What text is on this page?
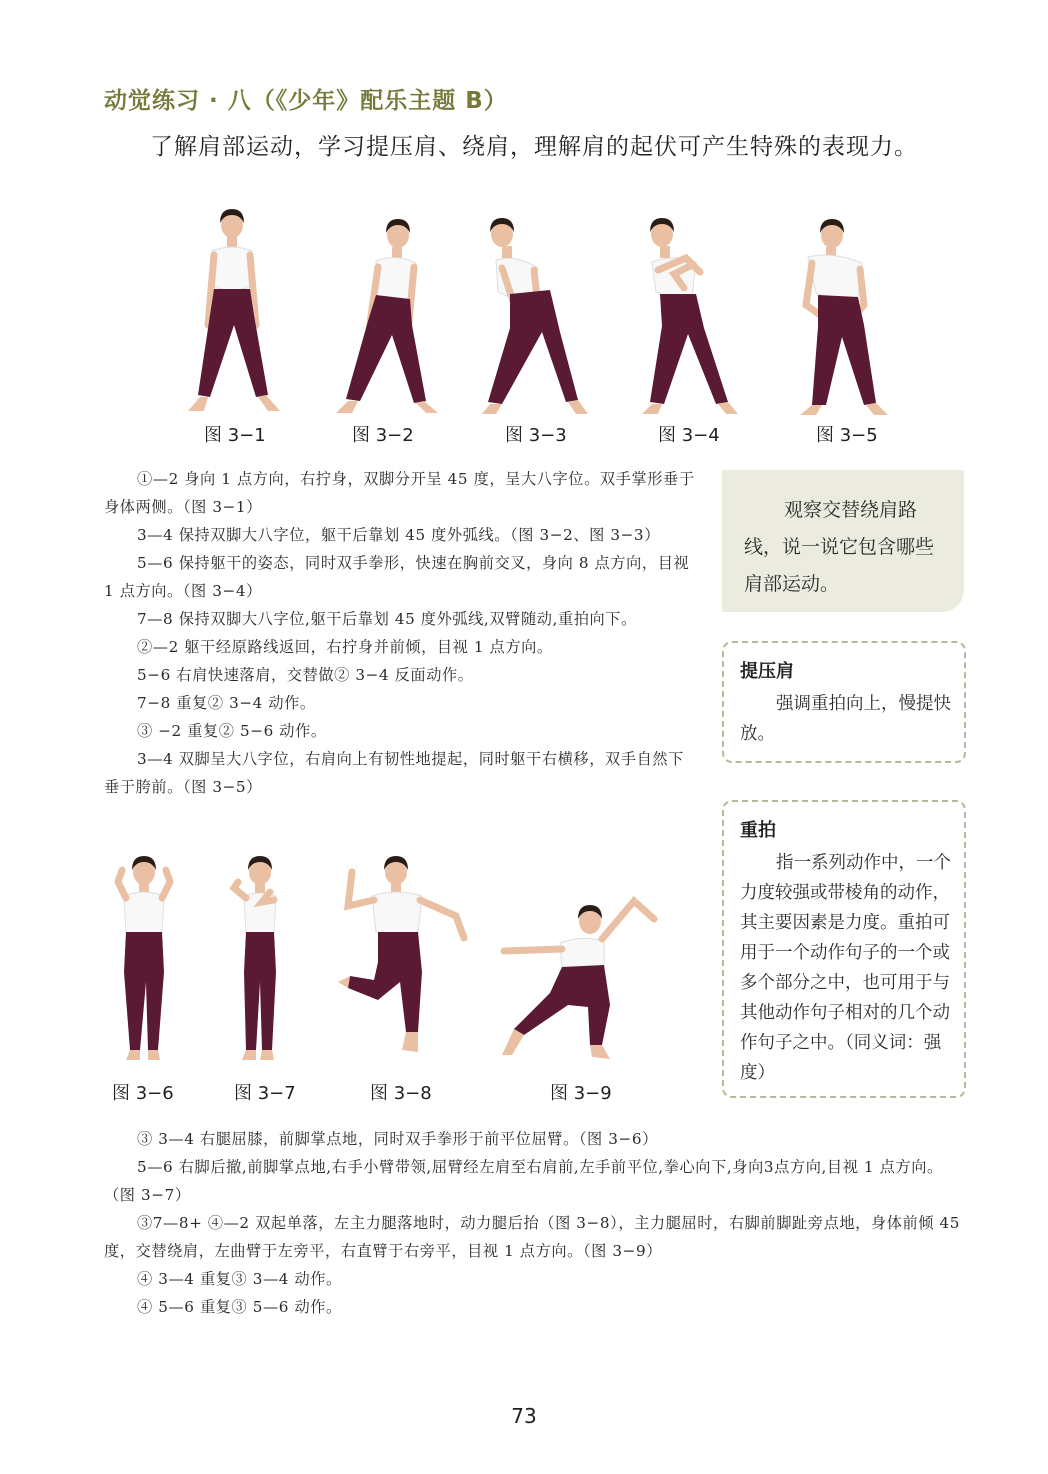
动觉练习 · 八（《少年》配乐主题 B）
了解肩部运动，学习提压肩、绕肩，理解肩的起伏可产生特殊的表现力。
图 3−1	图 3−2	图 3−3	图 3−4	图 3−5

①—2 身向 1 点方向，右拧身，双脚分开呈 45 度，呈大八字位。双手掌形垂于身体两侧。（图 3−1）

3—4 保持双脚大八字位，躯干后靠划 45 度外弧线。（图 3−2、图 3−3）

5—6 保持躯干的姿态，同时双手拳形，快速在胸前交叉，身向 8 点方向，目视 1 点方向。（图 3−4）

7—8 保持双脚大八字位,躯干后靠划 45 度外弧线,双臂随动,重拍向下。

②—2 躯干经原路线返回，右拧身并前倾，目视 1 点方向。

5−6 右肩快速落肩，交替做② 3−4 反面动作。

7−8 重复② 3−4 动作。

③ −2 重复② 5−6 动作。

3—4 双脚呈大八字位，右肩向上有韧性地提起，同时躯干右横移，双手自然下垂于胯前。（图 3−5）

观察交替绕肩路线，说一说它包含哪些肩部运动。
提压肩
强调重拍向上，慢提快放。
重拍
指一系列动作中，一个力度较强或带棱角的动作，其主要因素是力度。重拍可用于一个动作句子的一个或多个部分之中，也可用于与其他动作句子相对的几个动作句子之中。（同义词：强度）
图 3−6	图 3−7	图 3−8	图 3−9

③ 3—4 右腿屈膝，前脚掌点地，同时双手拳形于前平位屈臂。（图 3−6）

5—6 右脚后撤,前脚掌点地,右手小臂带领,屈臂经左肩至右肩前,左手前平位,拳心向下,身向3点方向,目视 1 点方向。（图 3−7）

③7—8+ ④—2 双起单落，左主力腿落地时，动力腿后抬（图 3−8），主力腿屈时，右脚前脚趾旁点地，身体前倾 45 度，交替绕肩，左曲臂于左旁平，右直臂于右旁平，目视 1 点方向。（图 3−9）

④ 3—4 重复③ 3—4 动作。

④ 5—6 重复③ 5—6 动作。

73
